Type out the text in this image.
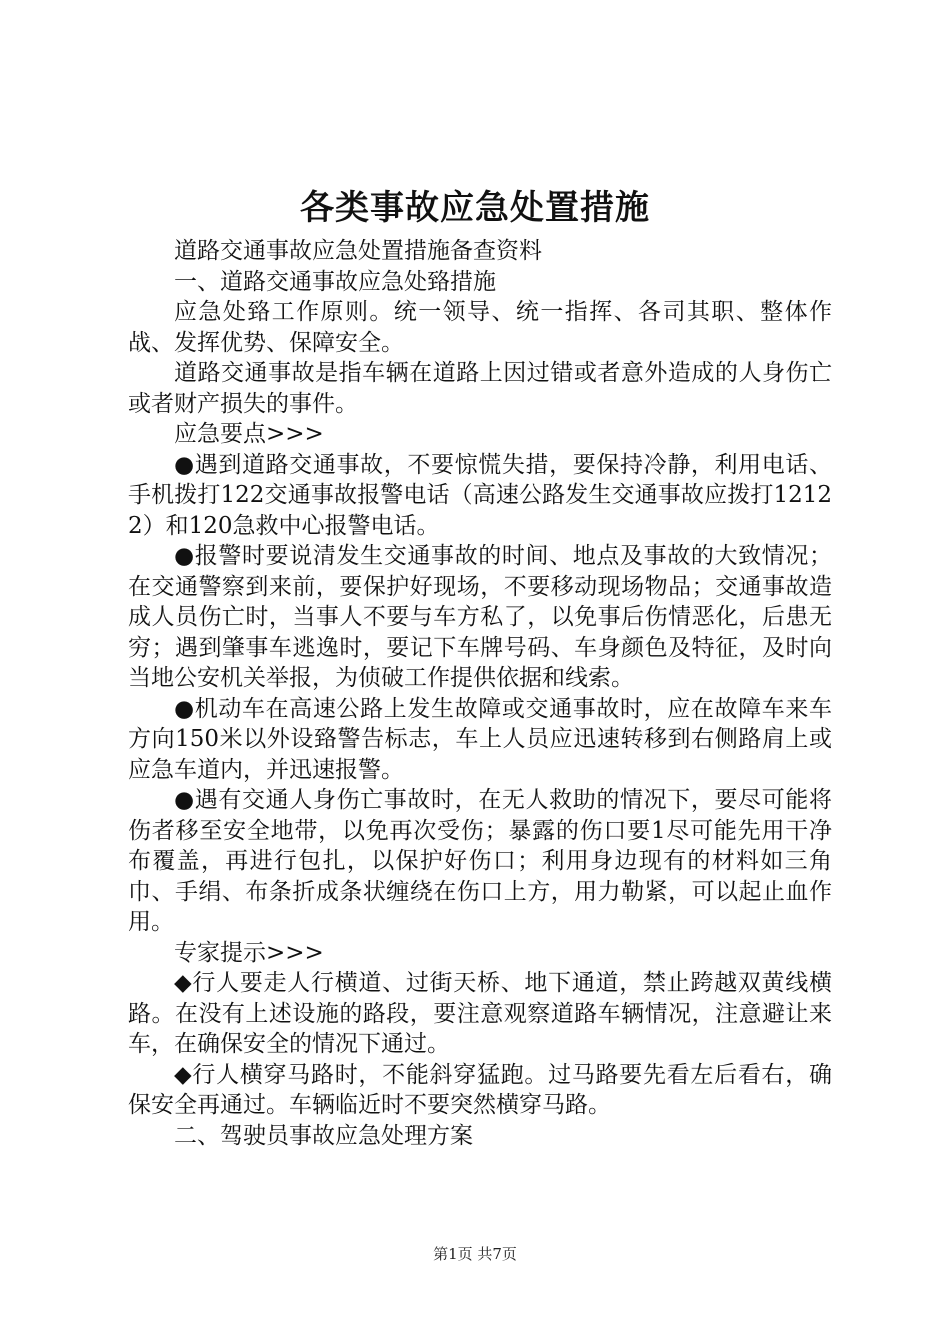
各类事故应急处置措施

道路交通事故应急处置措施备查资料

一、道路交通事故应急处臵措施

应急处臵工作原则。统一领导、统一指挥、各司其职、整体作战、发挥优势、保障安全。

道路交通事故是指车辆在道路上因过错或者意外造成的人身伤亡或者财产损失的事件。

应急要点>>>

●遇到道路交通事故，不要惊慌失措，要保持冷静，利用电话、手机拨打122交通事故报警电话（高速公路发生交通事故应拨打12122）和120急救中心报警电话。

●报警时要说清发生交通事故的时间、地点及事故的大致情况；在交通警察到来前，要保护好现场，不要移动现场物品；交通事故造成人员伤亡时，当事人不要与车方私了，以免事后伤情恶化，后患无穷；遇到肇事车逃逸时，要记下车牌号码、车身颜色及特征，及时向当地公安机关举报，为侦破工作提供依据和线索。

●机动车在高速公路上发生故障或交通事故时，应在故障车来车方向150米以外设臵警告标志，车上人员应迅速转移到右侧路肩上或应急车道内，并迅速报警。

●遇有交通人身伤亡事故时，在无人救助的情况下，要尽可能将伤者移至安全地带，以免再次受伤；暴露的伤口要1尽可能先用干净布覆盖，再进行包扎，以保护好伤口；利用身边现有的材料如三角巾、手绢、布条折成条状缠绕在伤口上方，用力勒紧，可以起止血作用。

专家提示>>>

◆行人要走人行横道、过街天桥、地下通道，禁止跨越双黄线横路。在没有上述设施的路段，要注意观察道路车辆情况，注意避让来车，在确保安全的情况下通过。

◆行人横穿马路时，不能斜穿猛跑。过马路要先看左后看右，确保安全再通过。车辆临近时不要突然横穿马路。

二、驾驶员事故应急处理方案

第1页 共7页
